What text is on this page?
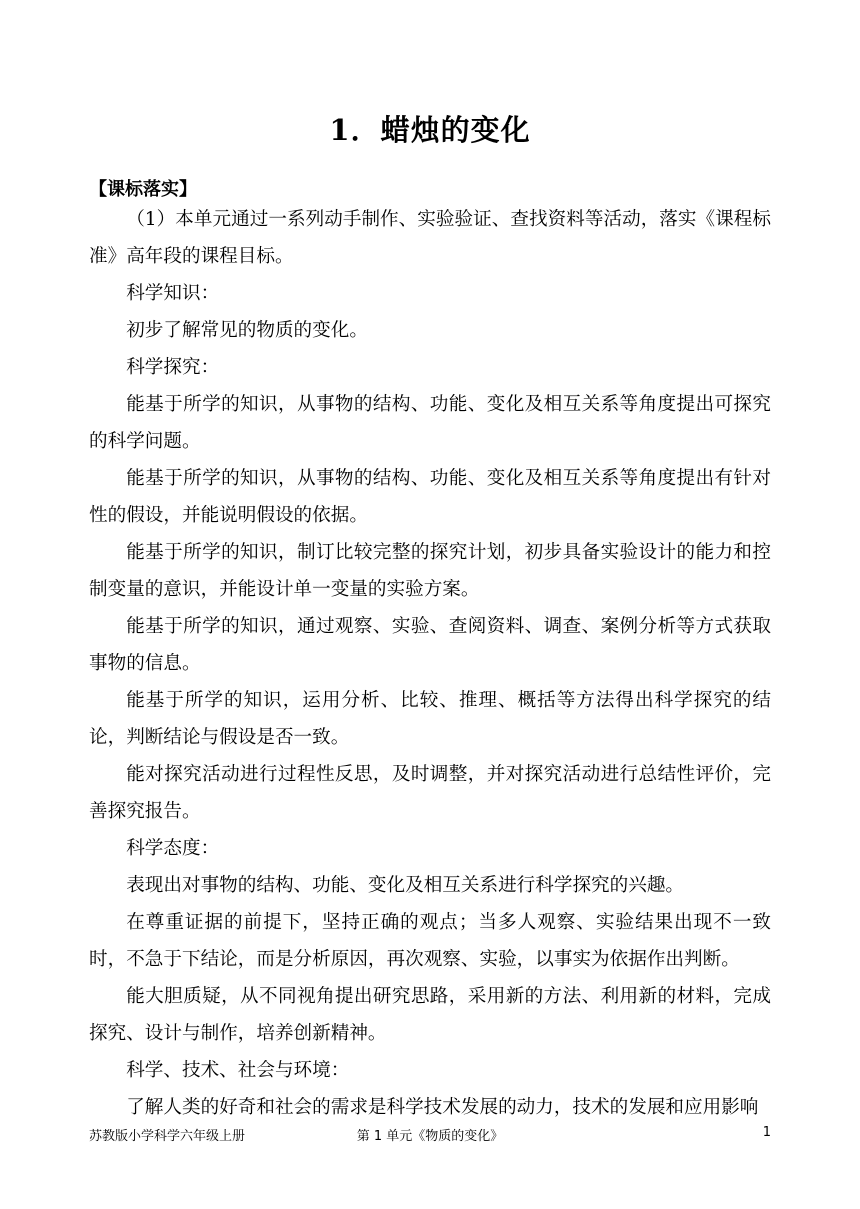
1．蜡烛的变化
【课标落实】

（1）本单元通过一系列动手制作、实验验证、查找资料等活动，落实《课程标准》高年段的课程目标。

科学知识：

初步了解常见的物质的变化。

科学探究：

能基于所学的知识，从事物的结构、功能、变化及相互关系等角度提出可探究的科学问题。

能基于所学的知识，从事物的结构、功能、变化及相互关系等角度提出有针对性的假设，并能说明假设的依据。

能基于所学的知识，制订比较完整的探究计划，初步具备实验设计的能力和控制变量的意识，并能设计单一变量的实验方案。

能基于所学的知识，通过观察、实验、查阅资料、调查、案例分析等方式获取事物的信息。

能基于所学的知识，运用分析、比较、推理、概括等方法得出科学探究的结论，判断结论与假设是否一致。

能对探究活动进行过程性反思，及时调整，并对探究活动进行总结性评价，完善探究报告。

科学态度：

表现出对事物的结构、功能、变化及相互关系进行科学探究的兴趣。

在尊重证据的前提下，坚持正确的观点；当多人观察、实验结果出现不一致时，不急于下结论，而是分析原因，再次观察、实验，以事实为依据作出判断。

能大胆质疑，从不同视角提出研究思路，采用新的方法、利用新的材料，完成探究、设计与制作，培养创新精神。

科学、技术、社会与环境：

了解人类的好奇和社会的需求是科学技术发展的动力，技术的发展和应用影响

苏教版小学科学六年级上册	第 1 单元《物质的变化》	1
